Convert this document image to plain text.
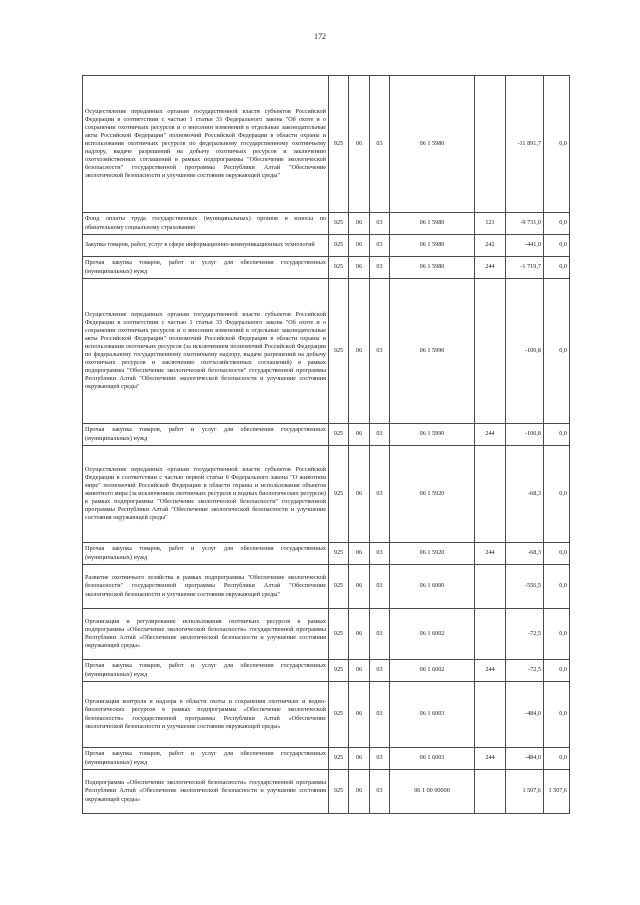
172
Осуществление переданных органам государственной власти субъектов Российской Федерации в соответствии с частью 1 статьи 33 Федерального закона "Об охоте и о сохранении охотничьих ресурсов и о внесении изменений в отдельные законодательные акты Российской Федерации" полномочий Российской Федерации в области охраны и использования охотничьих ресурсов по федеральному государственному охотничьему надзору, выдаче разрешений на добычу охотничьих ресурсов и заключению охотхозяйственных соглашений в рамках подпрограммы "Обеспечение экологической безопасности" государственной программы Республики Алтай "Обеспечение экологической безопасности и улучшение состояния окружающей среды"	925	06	03	06 1 5980		-11 891,7	0,0
Фонд оплаты труда государственных (муниципальных) органов и взносы по обязательному социальному страхованию	925	06	03	06 1 5980	121	-9 731,0	0,0
Закупка товаров, работ, услуг в сфере информационно-коммуникационных технологий	925	06	03	06 1 5980	242	-441,0	0,0
Прочая закупка товаров, работ и услуг для обеспечения государственных (муниципальных) нужд	925	06	03	06 1 5980	244	-1 719,7	0,0
Осуществление переданных органам государственной власти субъектов Российской Федерации в соответствии с частью 1 статьи 33 Федерального закона "Об охоте и о сохранении охотничьих ресурсов и о внесении изменений в отдельные законодательные акты Российской Федерации" полномочий Российской Федерации в области охраны и использования охотничьих ресурсов (за исключением полномочий Российской Федерации по федеральному государственному охотничьему надзору, выдаче разрешений на добычу охотничьих ресурсов и заключению охотхозяйственных соглашений) в рамках подпрограммы "Обеспечение экологической безопасности" государственной программы Республики Алтай "Обеспечение экологической безопасности и улучшение состояния окружающей среды"	925	06	03	06 1 5990		-100,8	0,0
Прочая закупка товаров, работ и услуг для обеспечения государственных (муниципальных) нужд	925	06	03	06 1 5990	244	-100,8	0,0
Осуществление переданных органам государственной власти субъектов Российской Федерации в соответствии с частью первой статьи 6 Федерального закона "О животном мире" полномочий Российской Федерации в области охраны и использования объектов животного мира (за исключением охотничьих ресурсов и водных биологических ресурсов) в рамках подпрограммы "Обеспечение экологической безопасности" государственной программы Республики Алтай "Обеспечение экологической безопасности и улучшение состояния окружающей среды"	925	06	03	06 1 5920		-68,3	0,0
Прочая закупка товаров, работ и услуг для обеспечения государственных (муниципальных) нужд	925	06	03	06 1 5920	244	-68,3	0,0
Развитие охотничьего хозяйства в рамках подпрограммы "Обеспечение экологической безопасности" государственной программы Республики Алтай "Обеспечение экологической безопасности и улучшение состояния окружающей среды"	925	06	03	06 1 6000		-556,5	0,0
Организация и регулирование использования охотничьих ресурсов в рамках подпрограммы «Обеспечение экологической безопасности» государственной программы Республики Алтай «Обеспечение экологической безопасности и улучшение состояния окружающей среды»	925	06	03	06 1 6002		-72,5	0,0
Прочая закупка товаров, работ и услуг для обеспечения государственных (муниципальных) нужд	925	06	03	06 1 6002	244	-72,5	0,0
Организация контроля и надзора в области охоты и сохранения охотничьих и водно-биологических ресурсов в рамках подпрограммы «Обеспечение экологической безопасности» государственной программы Республики Алтай «Обеспечение экологической безопасности и улучшение состояния окружающей среды»	925	06	03	06 1 6003		-484,0	0,0
Прочая закупка товаров, работ и услуг для обеспечения государственных (муниципальных) нужд	925	06	03	06 1 6003	244	-484,0	0,0
Подпрограмма «Обеспечение экологической безопасности» государственной программы Республики Алтай «Обеспечение экологической безопасности и улучшение состояния окружающей среды»	925	06	03	06 1 00 00000		1 507,6	1 507,6
